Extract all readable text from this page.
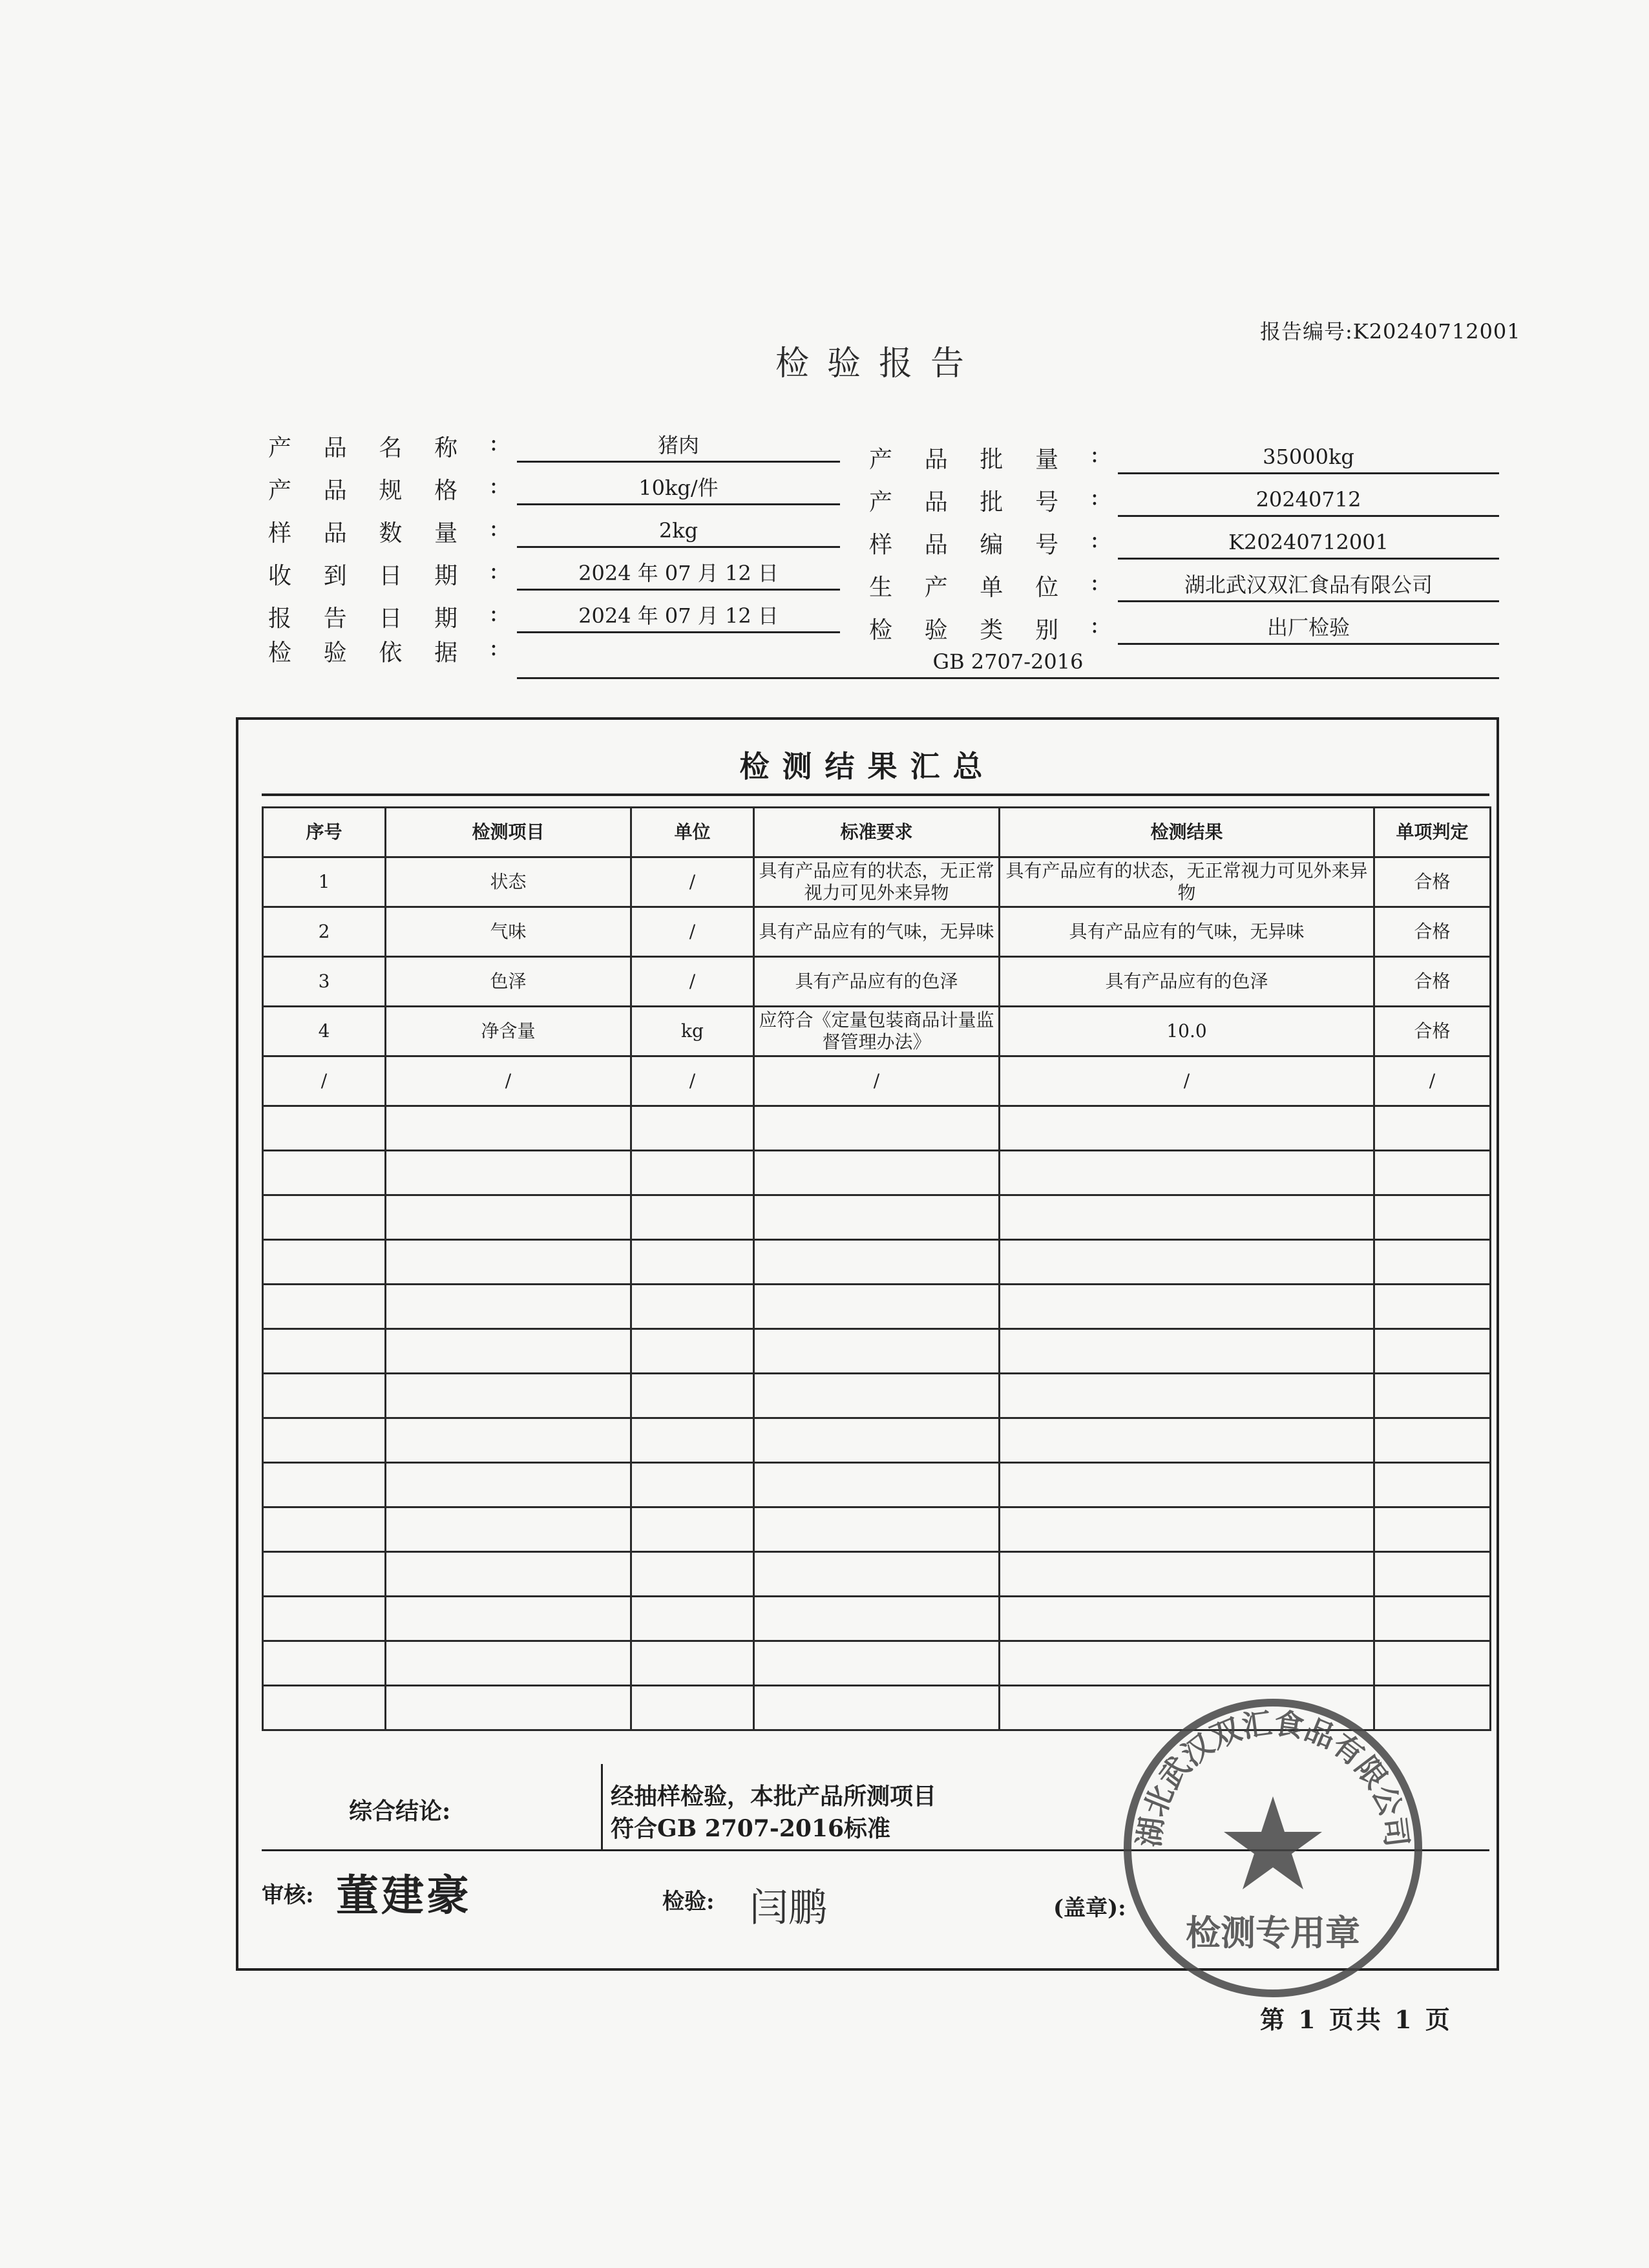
报告编号:K20240712001
检验报告
产 品 名 称 :	猪肉
产 品 规 格 :	10kg/件
样 品 数 量 :	2kg
收 到 日 期 :	2024 年 07 月 12 日
报 告 日 期 :	2024 年 07 月 12 日
产 品 批 量 :	35000kg
产 品 批 号 :	20240712
样 品 编 号 :	K20240712001
生 产 单 位 :	湖北武汉双汇食品有限公司
检 验 类 别 :	出厂检验
检 验 依 据 :
GB 2707-2016
检测结果汇总
序号	检测项目	单位	标准要求	检测结果	单项判定
1	状态	/	具有产品应有的状态，无正常视力可见外来异物	具有产品应有的状态，无正常视力可见外来异物	合格
2	气味	/	具有产品应有的气味，无异味	具有产品应有的气味，无异味	合格
3	色泽	/	具有产品应有的色泽	具有产品应有的色泽	合格
4	净含量	kg	应符合《定量包装商品计量监督管理办法》	10.0	合格
/	/	/	/	/	/

综合结论:
经抽样检验，本批产品所测项目
符合GB 2707-2016标准
审核: 董建豪	检验: 闫鹏	(盖章):
湖北武汉双汇食品有限公司
检测专用章
第 1 页共 1 页
